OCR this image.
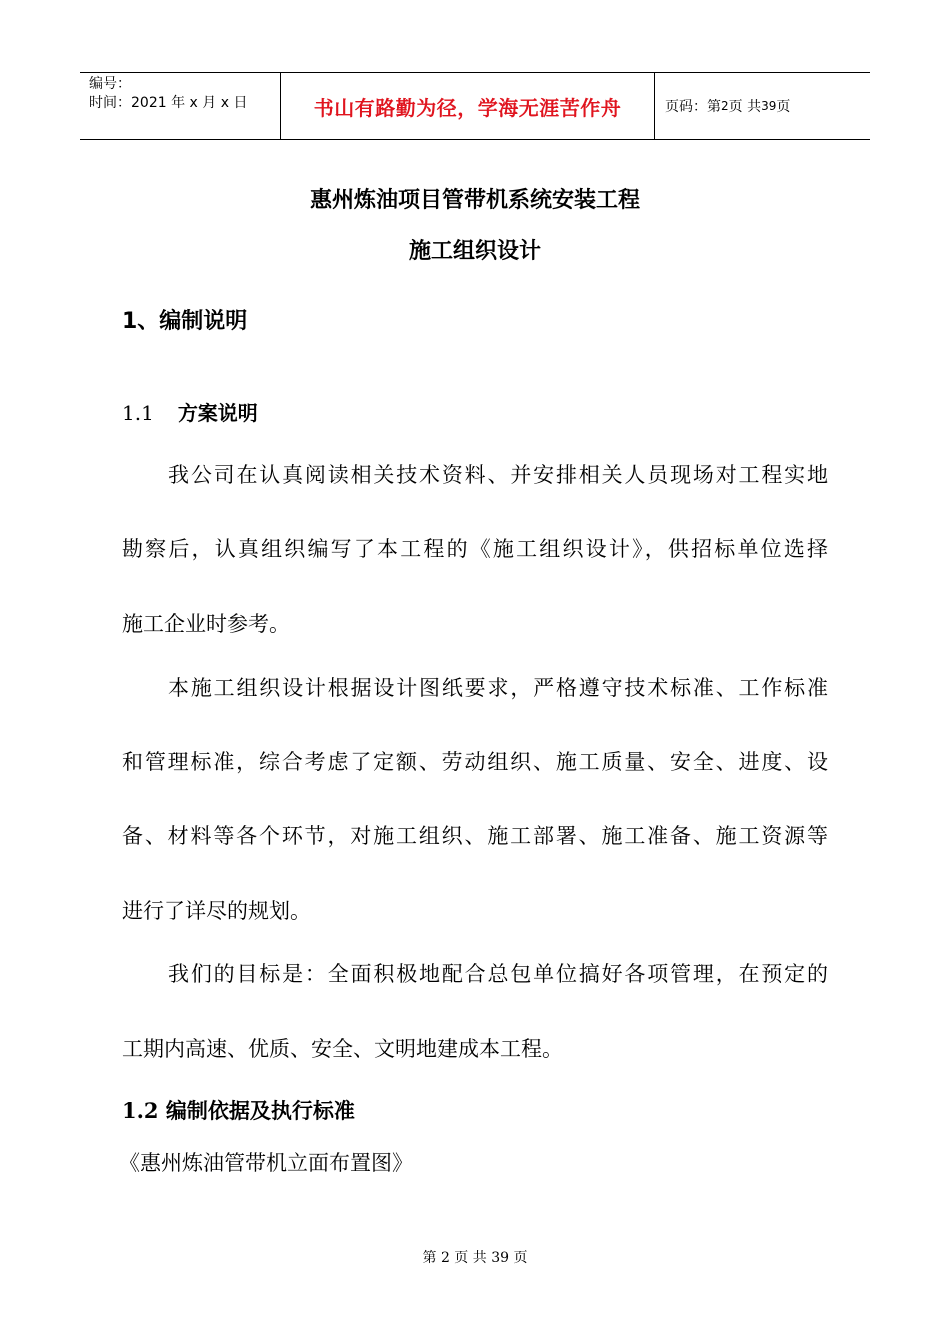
编号：
时间：2021 年 x 月 x 日	书山有路勤为径，学海无涯苦作舟	页码：第 2 页 共 39 页
惠州炼油项目管带机系统安装工程
施工组织设计
1、编制说明
1.1 方案说明
我公司在认真阅读相关技术资料、并安排相关人员现场对工程实地
勘察后，认真组织编写了本工程的《施工组织设计》，供招标单位选择
施工企业时参考。
本施工组织设计根据设计图纸要求，严格遵守技术标准、工作标准
和管理标准，综合考虑了定额、劳动组织、施工质量、安全、进度、设
备、材料等各个环节，对施工组织、施工部署、施工准备、施工资源等
进行了详尽的规划。
我们的目标是：全面积极地配合总包单位搞好各项管理，在预定的
工期内高速、优质、安全、文明地建成本工程。
1.2 编制依据及执行标准
《惠州炼油管带机立面布置图》
第 2 页 共 39 页
